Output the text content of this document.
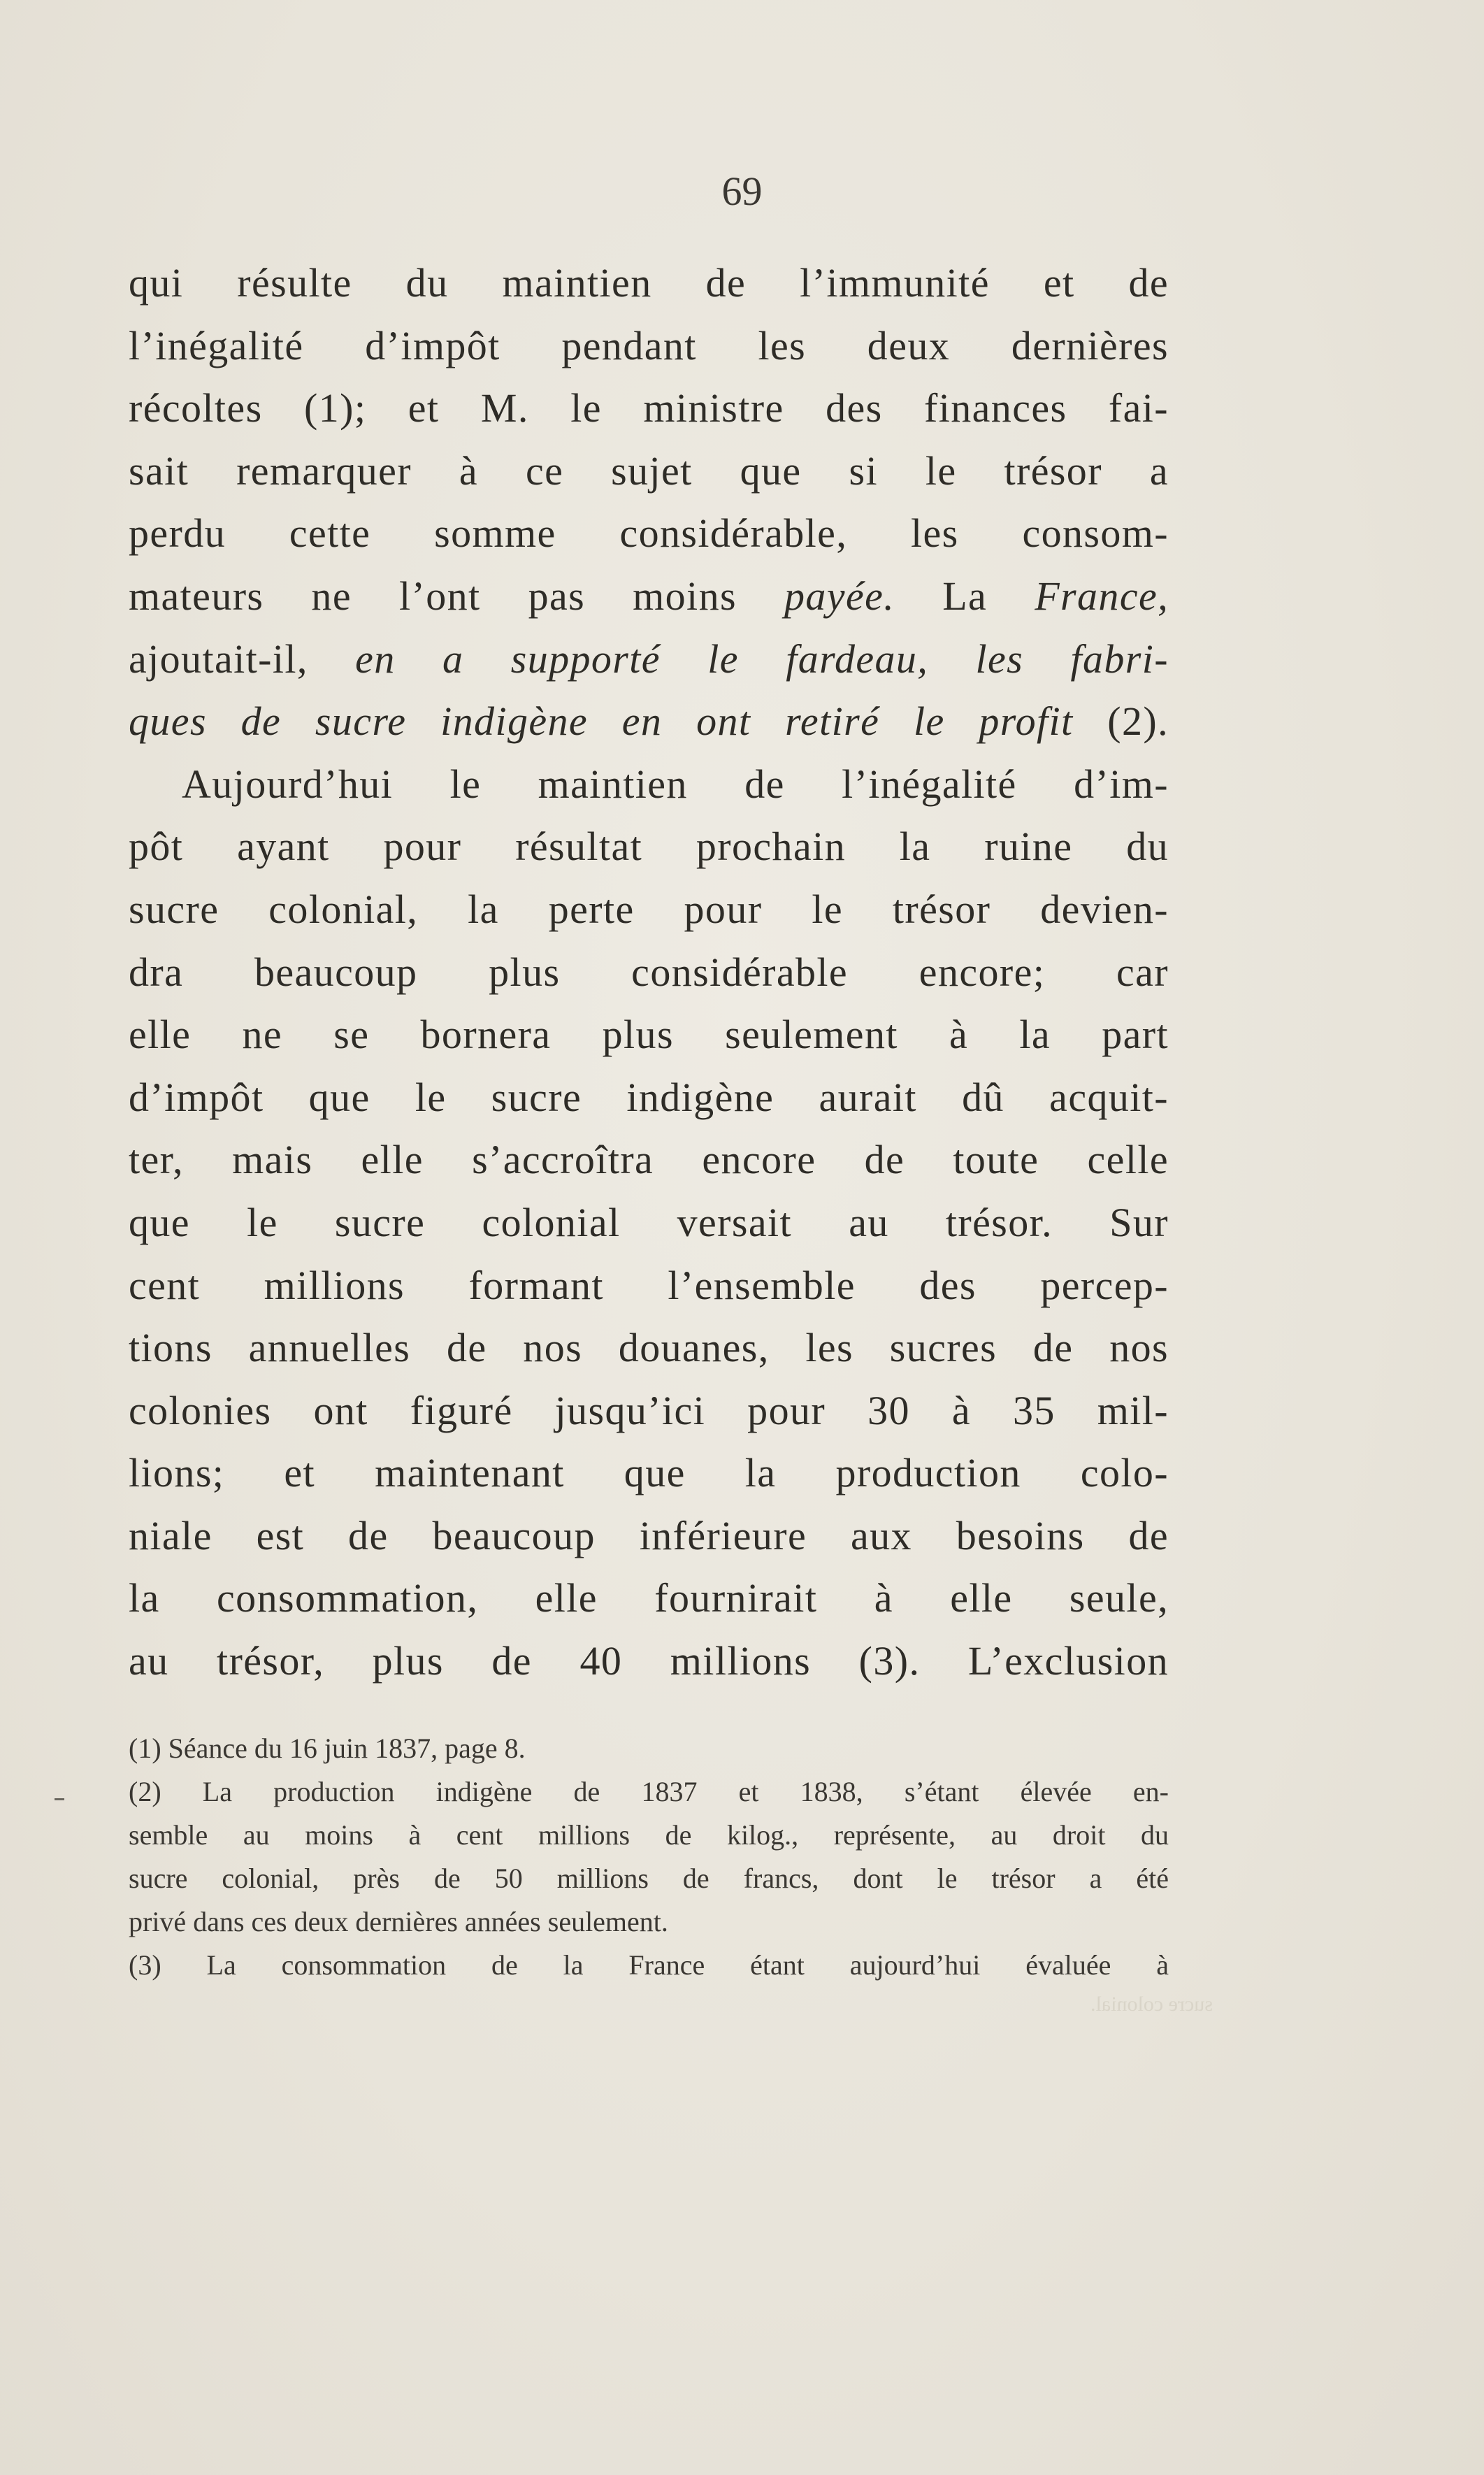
69
qui résulte du maintien de l’immunité et de
l’inégalité d’impôt pendant les deux dernières
récoltes (1); et M. le ministre des finances fai-
sait remarquer à ce sujet que si le trésor a
perdu cette somme considérable, les consom-
mateurs ne l’ont pas moins payée. La France,
ajoutait-il, en a supporté le fardeau, les fabri-
ques de sucre indigène en ont retiré le profit (2).
Aujourd’hui le maintien de l’inégalité d’im-
pôt ayant pour résultat prochain la ruine du
sucre colonial, la perte pour le trésor devien-
dra beaucoup plus considérable encore; car
elle ne se bornera plus seulement à la part
d’impôt que le sucre indigène aurait dû acquit-
ter, mais elle s’accroîtra encore de toute celle
que le sucre colonial versait au trésor. Sur
cent millions formant l’ensemble des percep-
tions annuelles de nos douanes, les sucres de nos
colonies ont figuré jusqu’ici pour 30 à 35 mil-
lions; et maintenant que la production colo-
niale est de beaucoup inférieure aux besoins de
la consommation, elle fournirait à elle seule,
au trésor, plus de 40 millions (3). L’exclusion
(1) Séance du 16 juin 1837, page 8.
(2) La production indigène de 1837 et 1838, s’étant élevée en-
semble au moins à cent millions de kilog., représente, au droit du
sucre colonial, près de 50 millions de francs, dont le trésor a été
privé dans ces deux dernières années seulement.
(3) La consommation de la France étant aujourd’hui évaluée à
sucre colonial.
